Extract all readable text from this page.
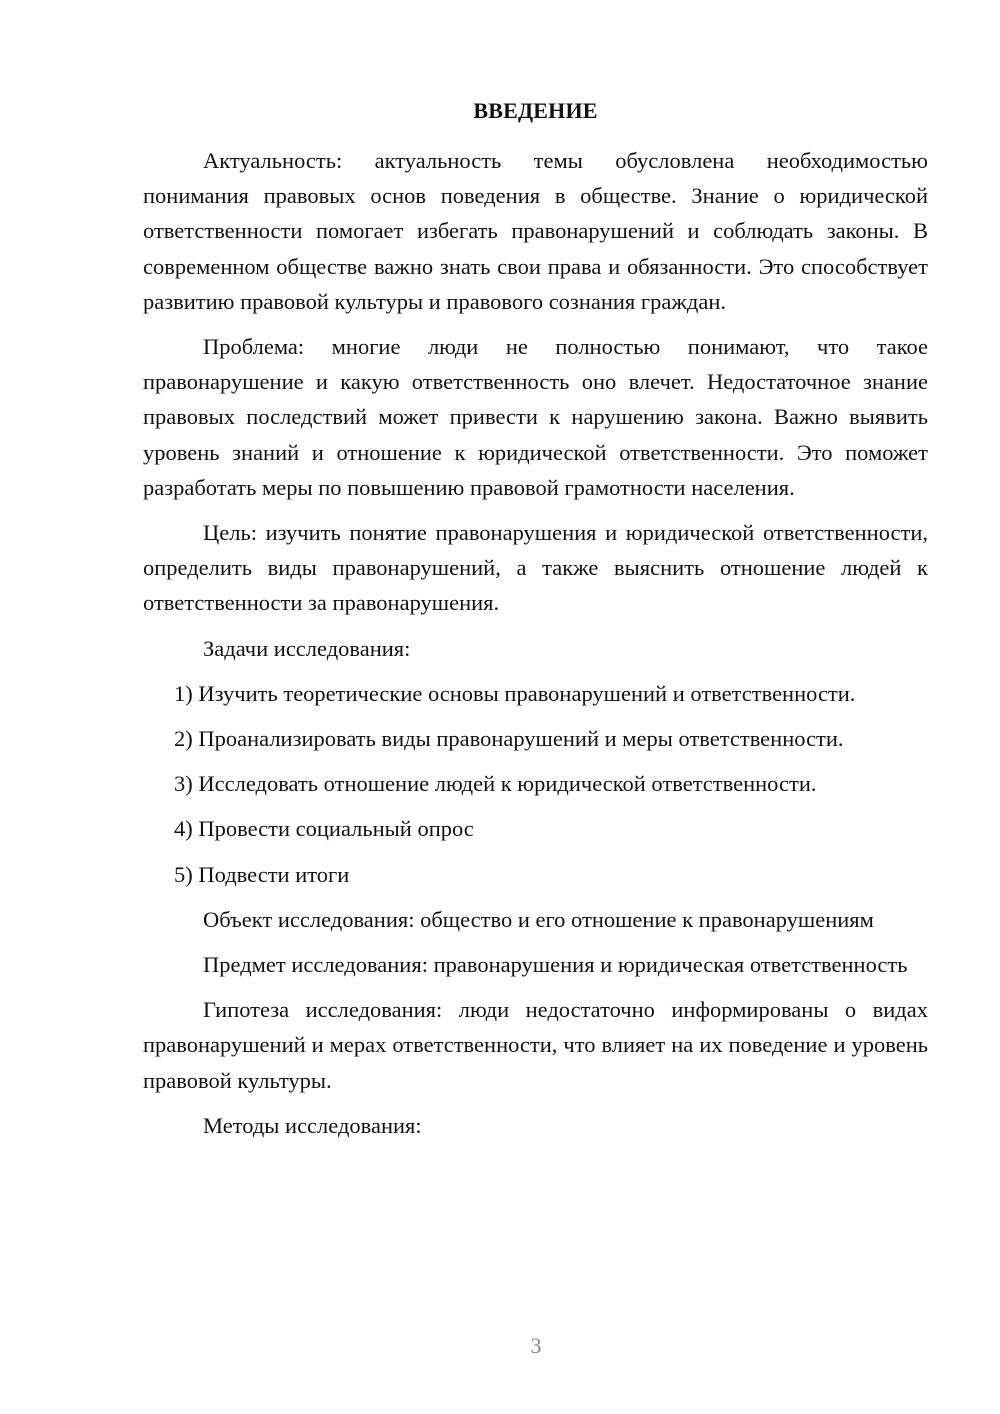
ВВЕДЕНИЕ

Актуальность: актуальность темы обусловлена необходимостью понимания правовых основ поведения в обществе. Знание о юридической ответственности помогает избегать правонарушений и соблюдать законы. В современном обществе важно знать свои права и обязанности. Это способствует развитию правовой культуры и правового сознания граждан.

Проблема: многие люди не полностью понимают, что такое правонарушение и какую ответственность оно влечет. Недостаточное знание правовых последствий может привести к нарушению закона. Важно выявить уровень знаний и отношение к юридической ответственности. Это поможет разработать меры по повышению правовой грамотности населения.

Цель: изучить понятие правонарушения и юридической ответственности, определить виды правонарушений, а также выяснить отношение людей к ответственности за правонарушения.

Задачи исследования:

1) Изучить теоретические основы правонарушений и ответственности.
2) Проанализировать виды правонарушений и меры ответственности.
3) Исследовать отношение людей к юридической ответственности.
4) Провести социальный опрос
5) Подвести итоги

Объект исследования: общество и его отношение к правонарушениям

Предмет исследования: правонарушения и юридическая ответственность

Гипотеза исследования: люди недостаточно информированы о видах правонарушений и мерах ответственности, что влияет на их поведение и уровень правовой культуры.

Методы исследования:

3
